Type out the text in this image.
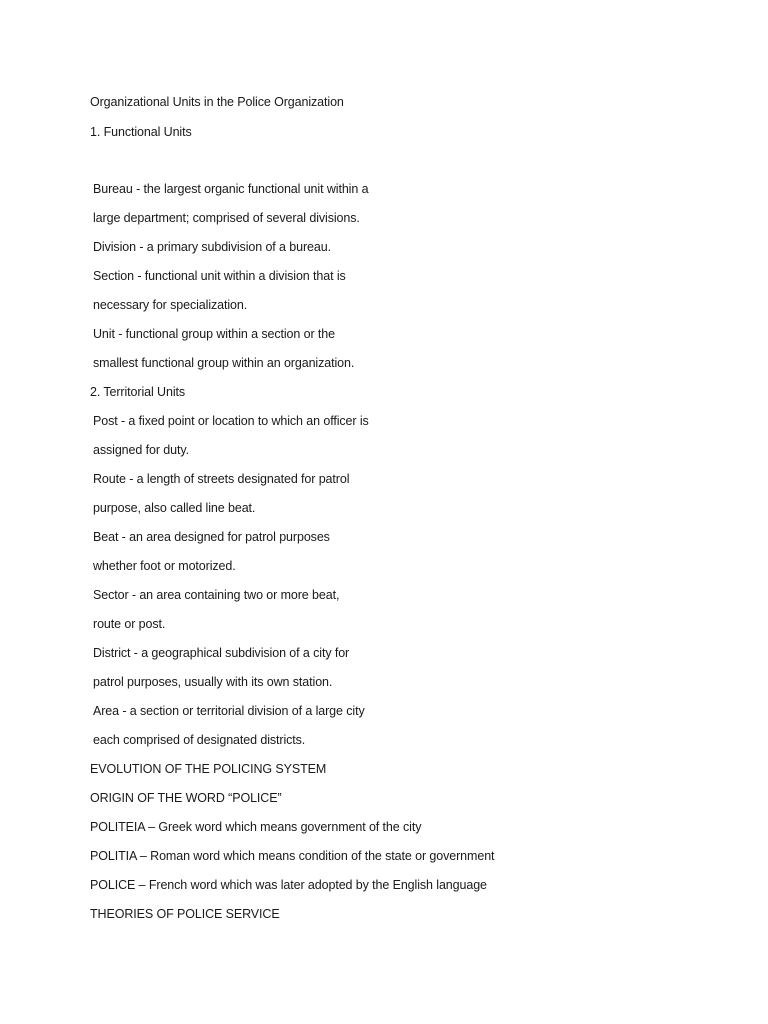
Organizational Units in the Police Organization
1. Functional Units
Bureau - the largest organic functional unit within a
large department; comprised of several divisions.
Division - a primary subdivision of a bureau.
Section - functional unit within a division that is
necessary for specialization.
Unit - functional group within a section or the
smallest functional group within an organization.
2. Territorial Units
Post - a fixed point or location to which an officer is
assigned for duty.
Route - a length of streets designated for patrol
purpose, also called line beat.
Beat - an area designed for patrol purposes
whether foot or motorized.
Sector - an area containing two or more beat,
route or post.
District - a geographical subdivision of a city for
patrol purposes, usually with its own station.
Area - a section or territorial division of a large city
each comprised of designated districts.
EVOLUTION OF THE POLICING SYSTEM
ORIGIN OF THE WORD “POLICE”
POLITEIA – Greek word which means government of the city
POLITIA – Roman word which means condition of the state or government
POLICE – French word which was later adopted by the English language
THEORIES OF POLICE SERVICE
